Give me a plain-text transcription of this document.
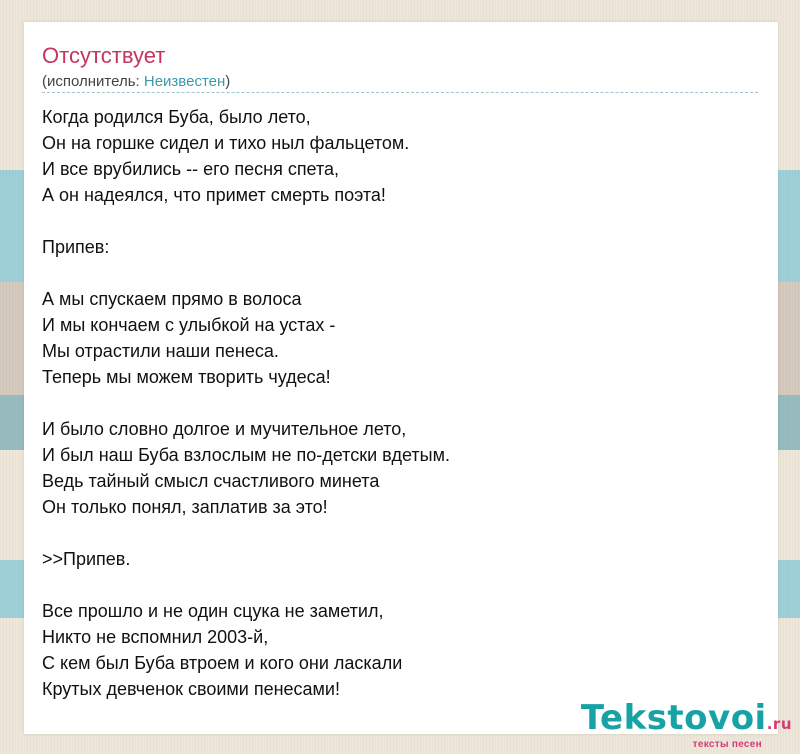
Отсутствует
(исполнитель: Неизвестен)
Когда родился Буба, было лето,
Он на горшке сидел и тихо ныл фальцетом.
И все врубились -- его песня спета,
А он надеялся, что примет смерть поэта!

Припев:

А мы спускаем прямо в волоса
И мы кончаем с улыбкой на устах -
Мы отрастили наши пенеса.
Теперь мы можем творить чудеса!

И было словно долгое и мучительное лето,
И был наш Буба взлослым не по-детски вдетым.
Ведь тайный смысл счастливого минета
Он только понял, заплатив за это!

>>Припев.

Все прошло и не один сцука не заметил,
Никто не вспомнил 2003-й,
С кем был Буба втроем и кого они ласкали
Крутых девченок своими пенесами!
Tekstovoi.ru
тексты песен
